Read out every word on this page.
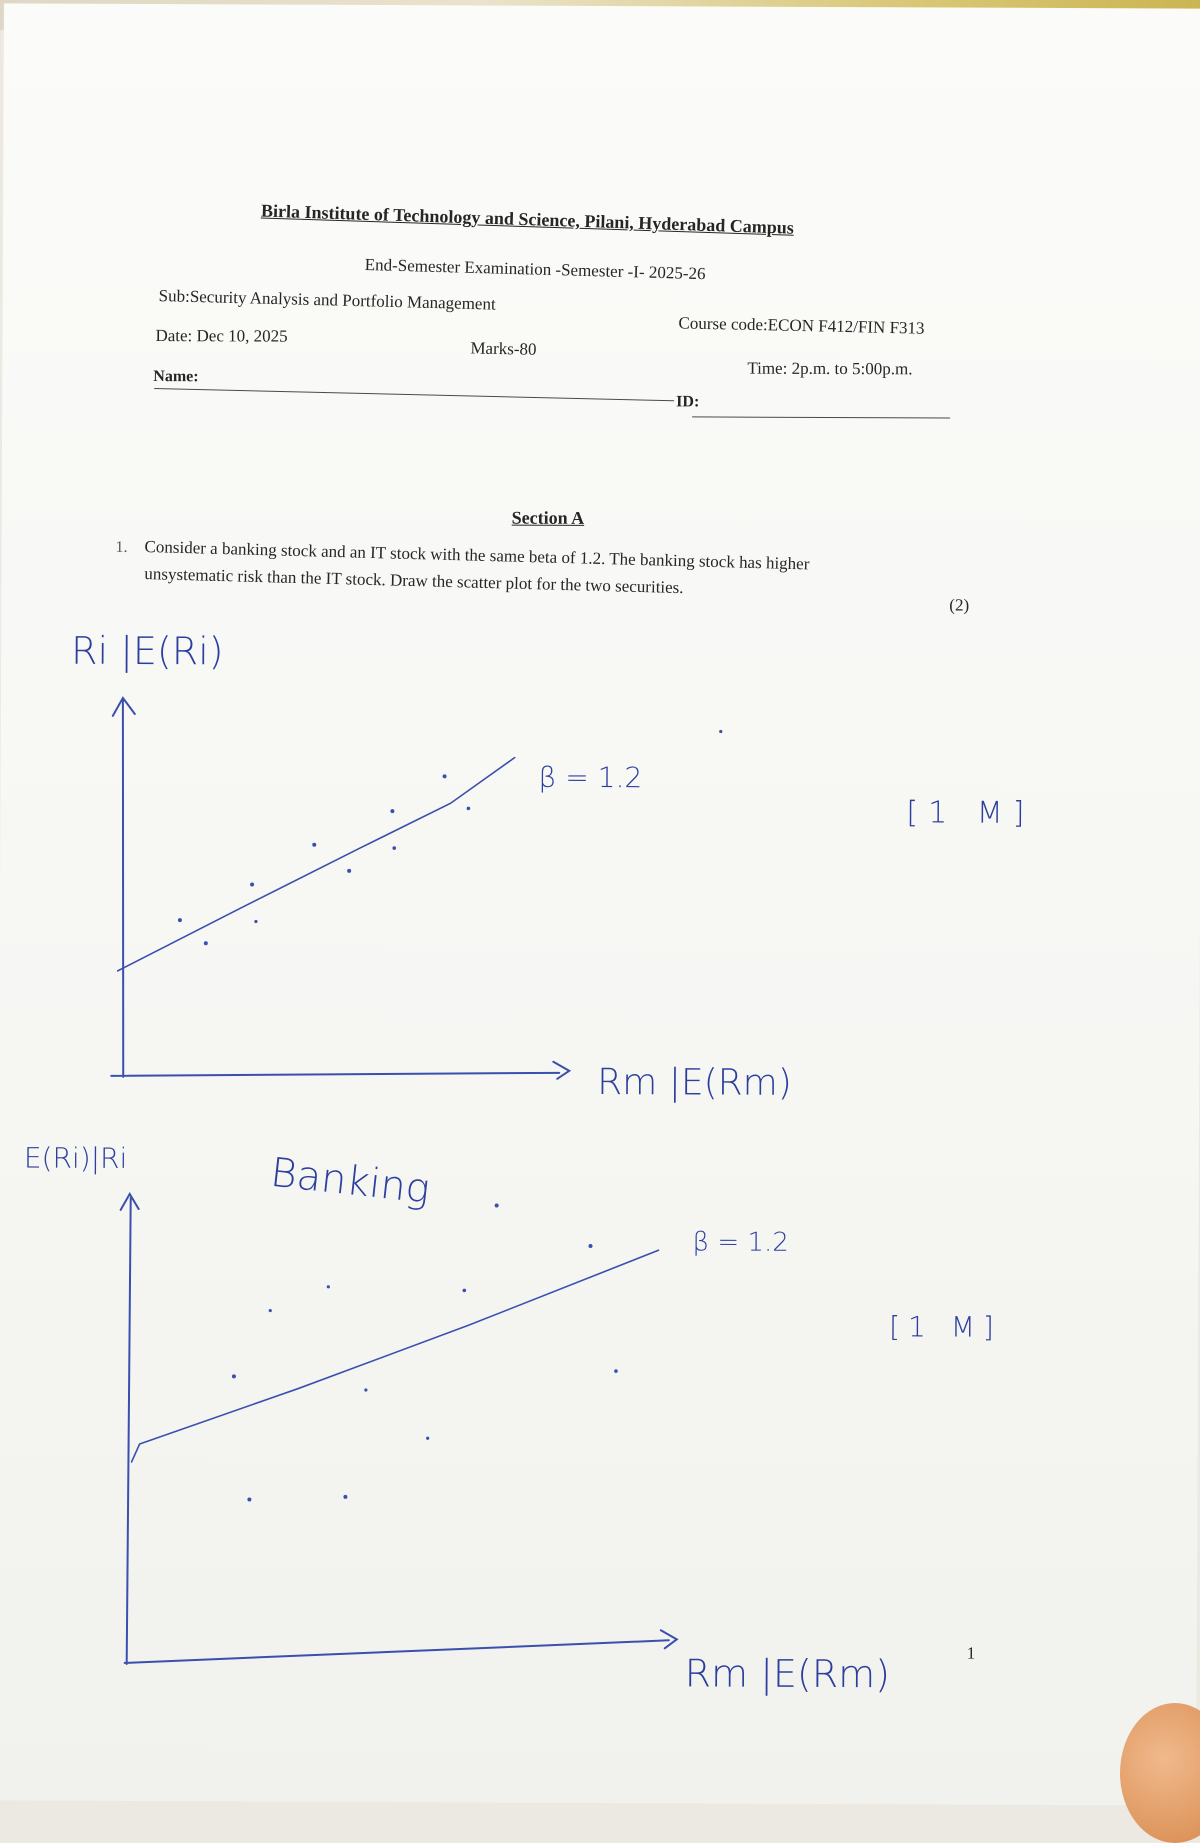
Birla Institute of Technology and Science, Pilani, Hyderabad Campus
End-Semester Examination -Semester -I- 2025-26
Sub:Security Analysis and Portfolio Management
Course code:ECON F412/FIN F313
Date: Dec 10, 2025
Marks-80
Time: 2p.m. to 5:00p.m.
Name:
ID:
Section A
1. Consider a banking stock and an IT stock with the same beta of 1.2. The banking stock has higher
unsystematic risk than the IT stock. Draw the scatter plot for the two securities.
(2)
Ri |E(Ri)
β = 1.2
Rm |E(Rm)
[1 M]
E(Ri)|Ri	Banking
β = 1.2
Rm |E(Rm)
[1 M]
1
